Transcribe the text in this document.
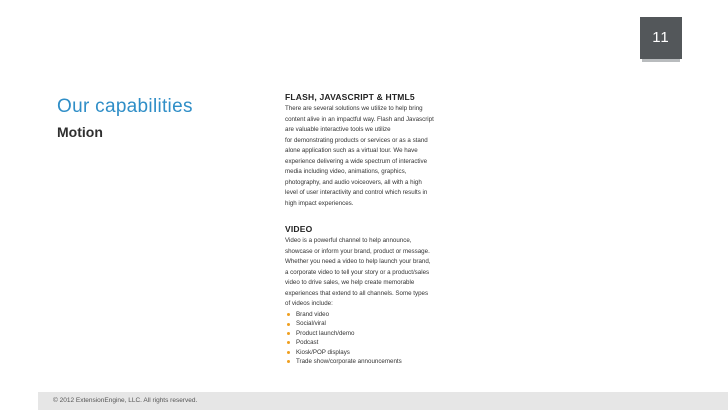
11
Our capabilities
Motion
FLASH, JAVASCRIPT & HTML5
There are several solutions we utilize to help bring
content alive in an impactful way. Flash and Javascript
are valuable interactive tools we utilize
for demonstrating products or services or as a stand
alone application such as a virtual tour. We have
experience delivering a wide spectrum of interactive
media including video, animations, graphics,
photography, and audio voiceovers, all with a high
level of user interactivity and control which results in
high impact experiences.
VIDEO
Video is a powerful channel to help announce,
showcase or inform your brand, product or message.
Whether you need a video to help launch your brand,
a corporate video to tell your story or a product/sales
video to drive sales, we help create memorable
experiences that extend to all channels. Some types
of videos include:
Brand video
Social/viral
Product launch/demo
Podcast
Kiosk/POP displays
Trade show/corporate announcements
© 2012 ExtensionEngine, LLC. All rights reserved.
